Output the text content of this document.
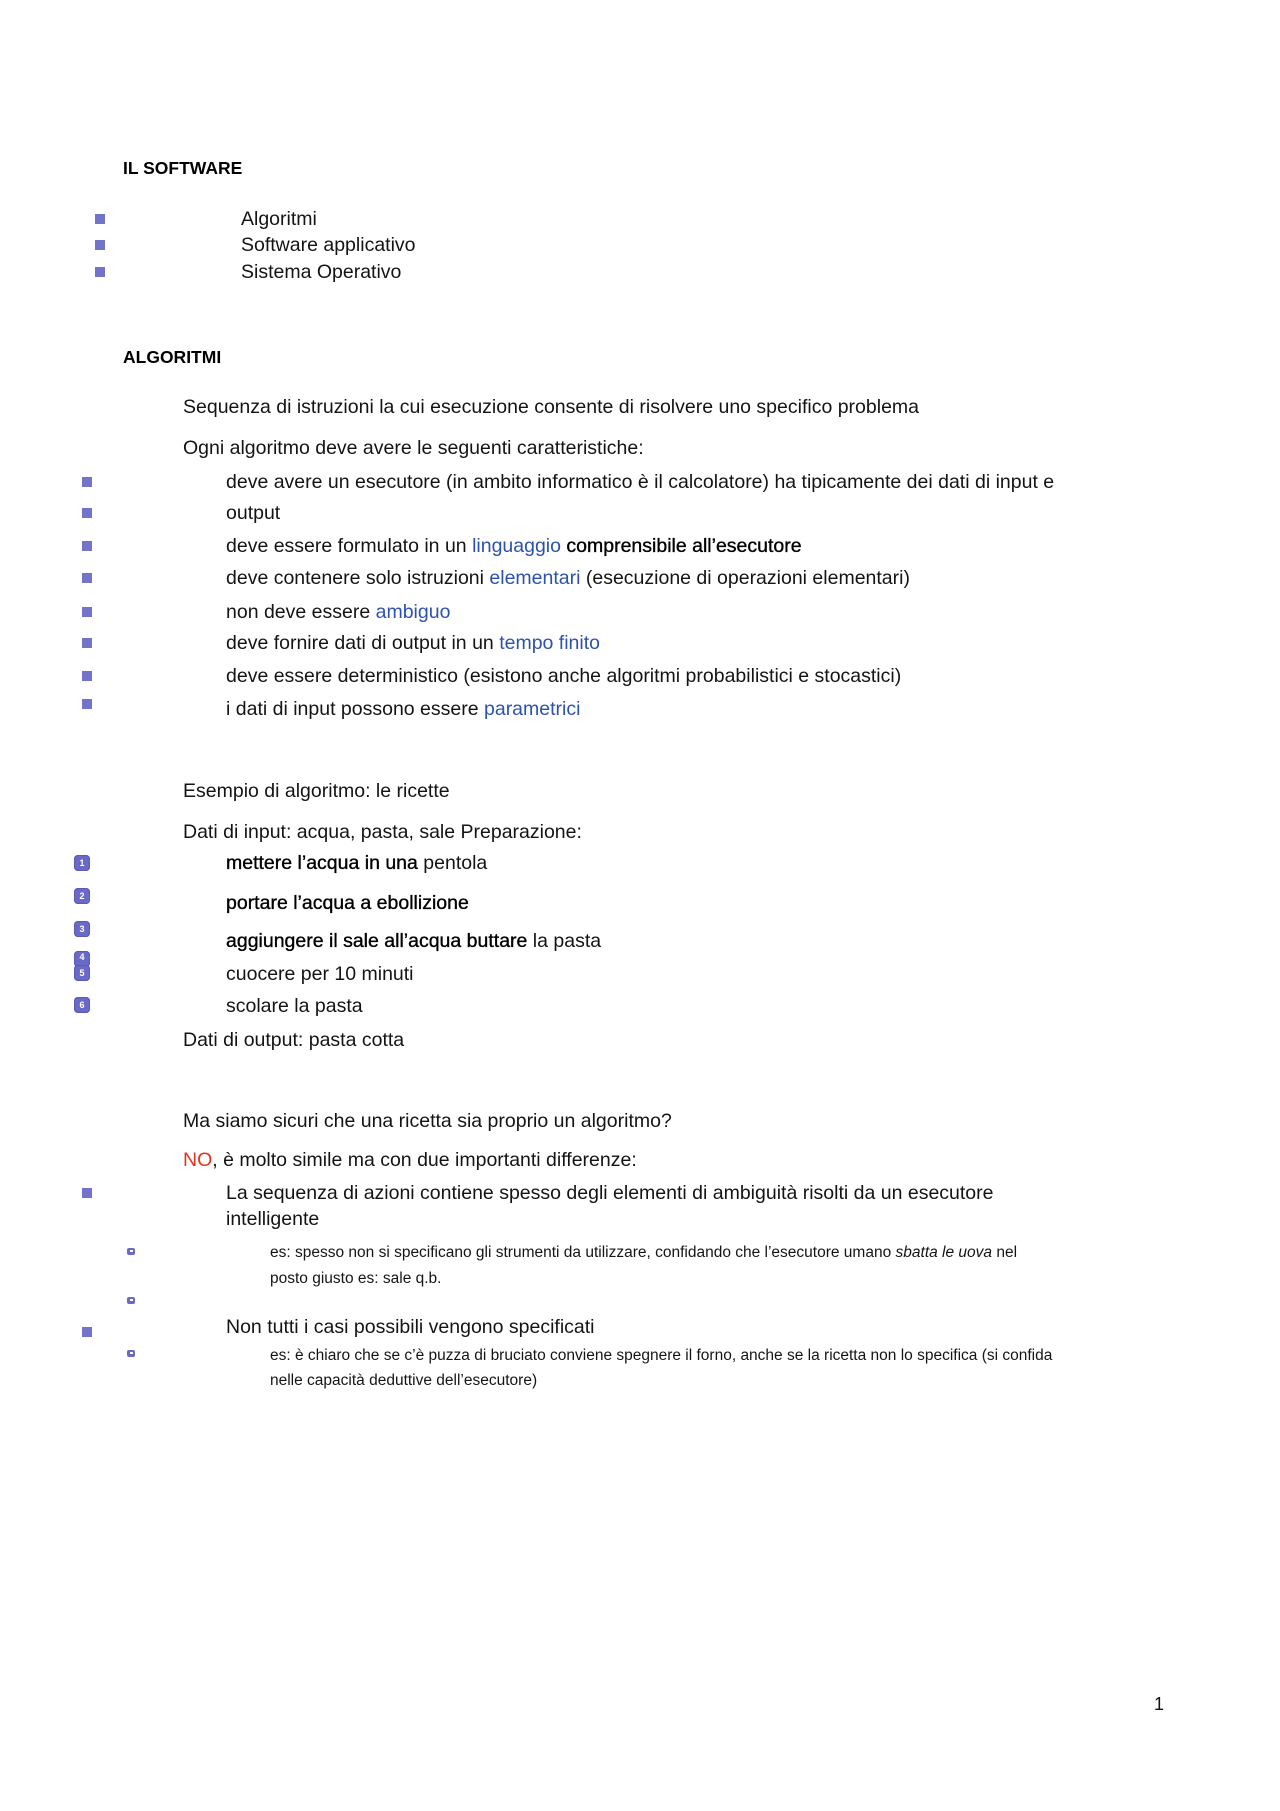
IL SOFTWARE
Algoritmi
Software applicativo
Sistema Operativo
ALGORITMI
Sequenza di istruzioni la cui esecuzione consente di risolvere uno specifico problema
Ogni algoritmo deve avere le seguenti caratteristiche:
deve avere un esecutore (in ambito informatico è il calcolatore) ha tipicamente dei dati di input e
output
deve essere formulato in un linguaggio comprensibile all’esecutore
deve contenere solo istruzioni elementari (esecuzione di operazioni elementari)
non deve essere ambiguo
deve fornire dati di output in un tempo finito
deve essere deterministico (esistono anche algoritmi probabilistici e stocastici)
i dati di input possono essere parametrici
Esempio di algoritmo: le ricette
Dati di input: acqua, pasta, sale Preparazione:
1
2
3
4
5
6
mettere l’acqua in una pentola
portare l’acqua a ebollizione
aggiungere il sale all’acqua buttare la pasta
cuocere per 10 minuti
scolare la pasta
Dati di output: pasta cotta
Ma siamo sicuri che una ricetta sia proprio un algoritmo?
NO, è molto simile ma con due importanti differenze:
La sequenza di azioni contiene spesso degli elementi di ambiguità risolti da un esecutore
intelligente
es: spesso non si specificano gli strumenti da utilizzare, confidando che l’esecutore umano sbatta le uova nel
posto giusto es: sale q.b.
Non tutti i casi possibili vengono specificati
es: è chiaro che se c’è puzza di bruciato conviene spegnere il forno, anche se la ricetta non lo specifica (si confida
nelle capacità deduttive dell’esecutore)
1
